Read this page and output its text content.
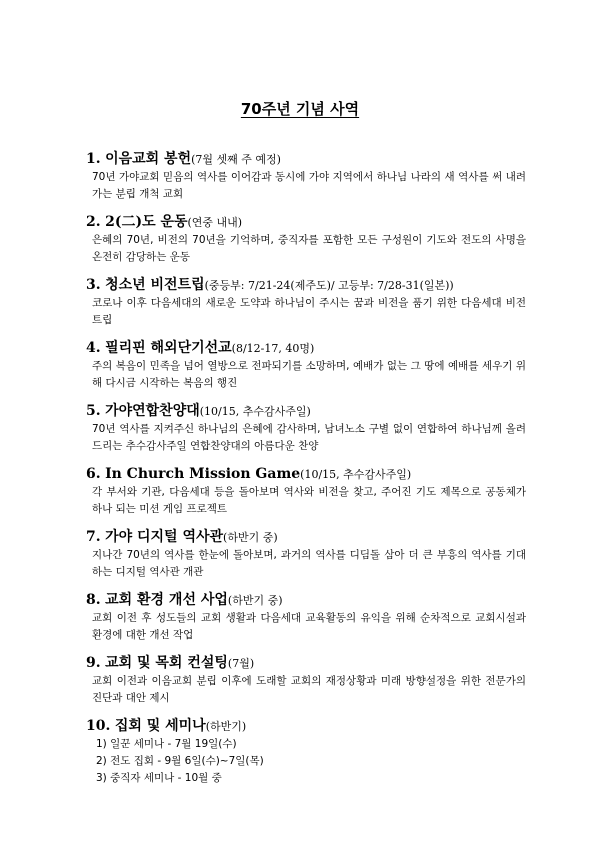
70주년 기념 사역
1. 이음교회 봉헌(7월 셋째 주 예정)
70년 가야교회 믿음의 역사를 이어감과 동시에 가야 지역에서 하나님 나라의 새 역사를 써 내려가는 분립 개척 교회
2. 2(二)도 운동(연중 내내)
은혜의 70년, 비전의 70년을 기억하며, 중직자를 포함한 모든 구성원이 기도와 전도의 사명을 온전히 감당하는 운동
3. 청소년 비전트립(중등부: 7/21-24(제주도)/ 고등부: 7/28-31(일본))
코로나 이후 다음세대의 새로운 도약과 하나님이 주시는 꿈과 비전을 품기 위한 다음세대 비전트립
4. 필리핀 해외단기선교(8/12-17, 40명)
주의 복음이 민족을 넘어 열방으로 전파되기를 소망하며, 예배가 없는 그 땅에 예배를 세우기 위해 다시금 시작하는 복음의 행진
5. 가야연합찬양대(10/15, 추수감사주일)
70년 역사를 지켜주신 하나님의 은혜에 감사하며, 남녀노소 구별 없이 연합하여 하나님께 올려드리는 추수감사주일 연합찬양대의 아름다운 찬양
6. In Church Mission Game(10/15, 추수감사주일)
각 부서와 기관, 다음세대 등을 돌아보며 역사와 비전을 찾고, 주어진 기도 제목으로 공동체가 하나 되는 미션 게임 프로젝트
7. 가야 디지털 역사관(하반기 중)
지나간 70년의 역사를 한눈에 돌아보며, 과거의 역사를 디딤돌 삼아 더 큰 부흥의 역사를 기대하는 디지털 역사관 개관
8. 교회 환경 개선 사업(하반기 중)
교회 이전 후 성도들의 교회 생활과 다음세대 교육활동의 유익을 위해 순차적으로 교회시설과 환경에 대한 개선 작업
9. 교회 및 목회 컨설팅(7월)
교회 이전과 이음교회 분립 이후에 도래할 교회의 재정상황과 미래 방향설정을 위한 전문가의 진단과 대안 제시
10. 집회 및 세미나(하반기)
1) 일꾼 세미나 - 7월 19일(수)
2) 전도 집회 - 9월 6일(수)~7일(목)
3) 중직자 세미나 - 10월 중
